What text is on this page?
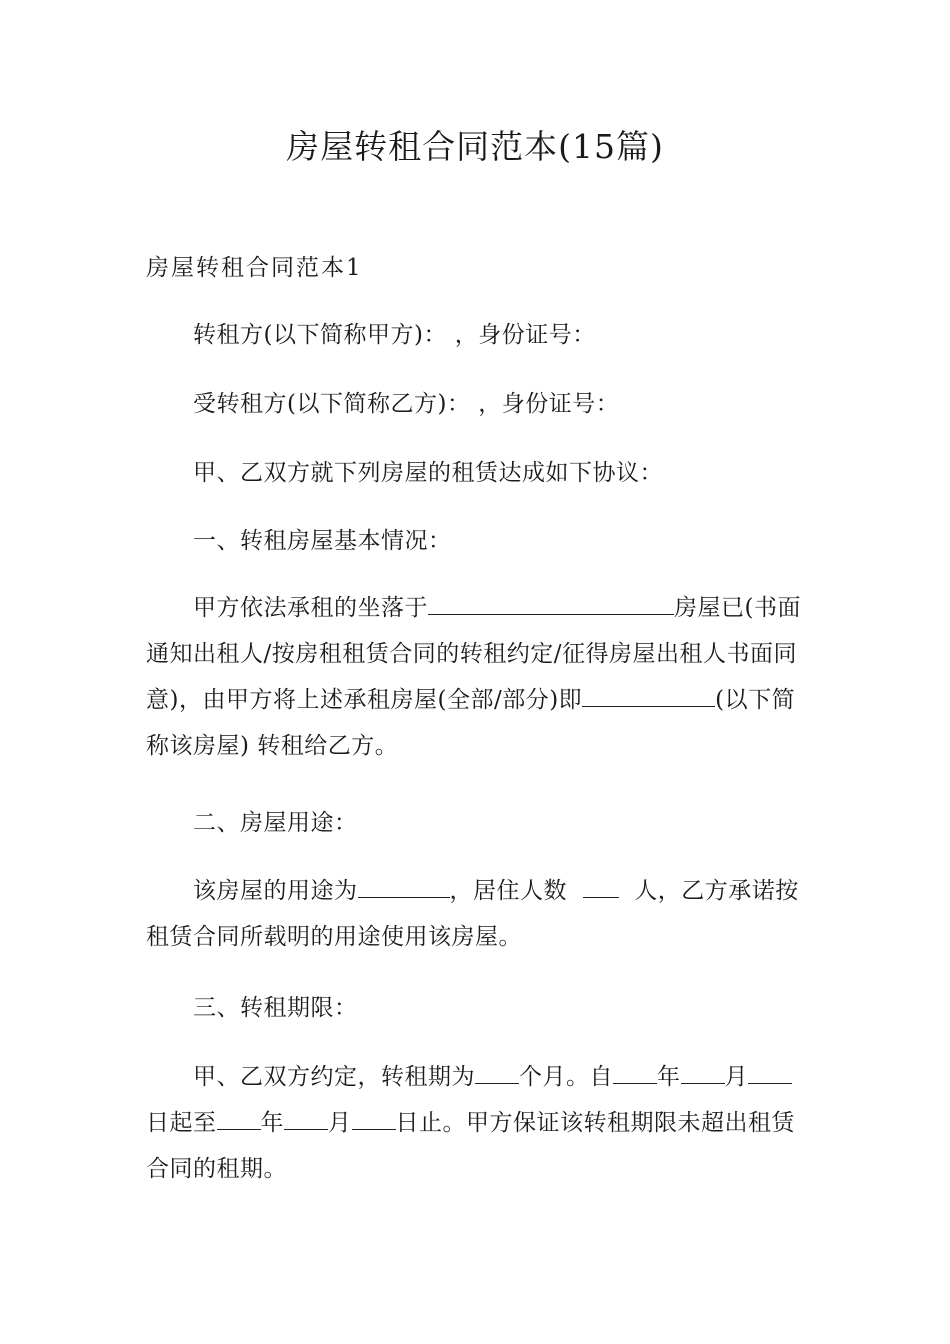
房屋转租合同范本(15篇)
房屋转租合同范本1
转租方(以下简称甲方)： ，身份证号：
受转租方(以下简称乙方)： ，身份证号：
甲、乙双方就下列房屋的租赁达成如下协议：
一、转租房屋基本情况：
甲方依法承租的坐落于	房屋已(书面通知出租人/按房租租赁合同的转租约定/征得房屋出租人书面同意)，由甲方将上述承租房屋(全部/部分)即	(以下简称该房屋) 转租给乙方。
二、房屋用途：
该房屋的用途为	，居住人数	人，乙方承诺按租赁合同所载明的用途使用该房屋。
三、转租期限：
甲、乙双方约定，转租期为 个月。自 年 月日起至 年 月 日止。甲方保证该转租期限未超出租赁合同的租期。
